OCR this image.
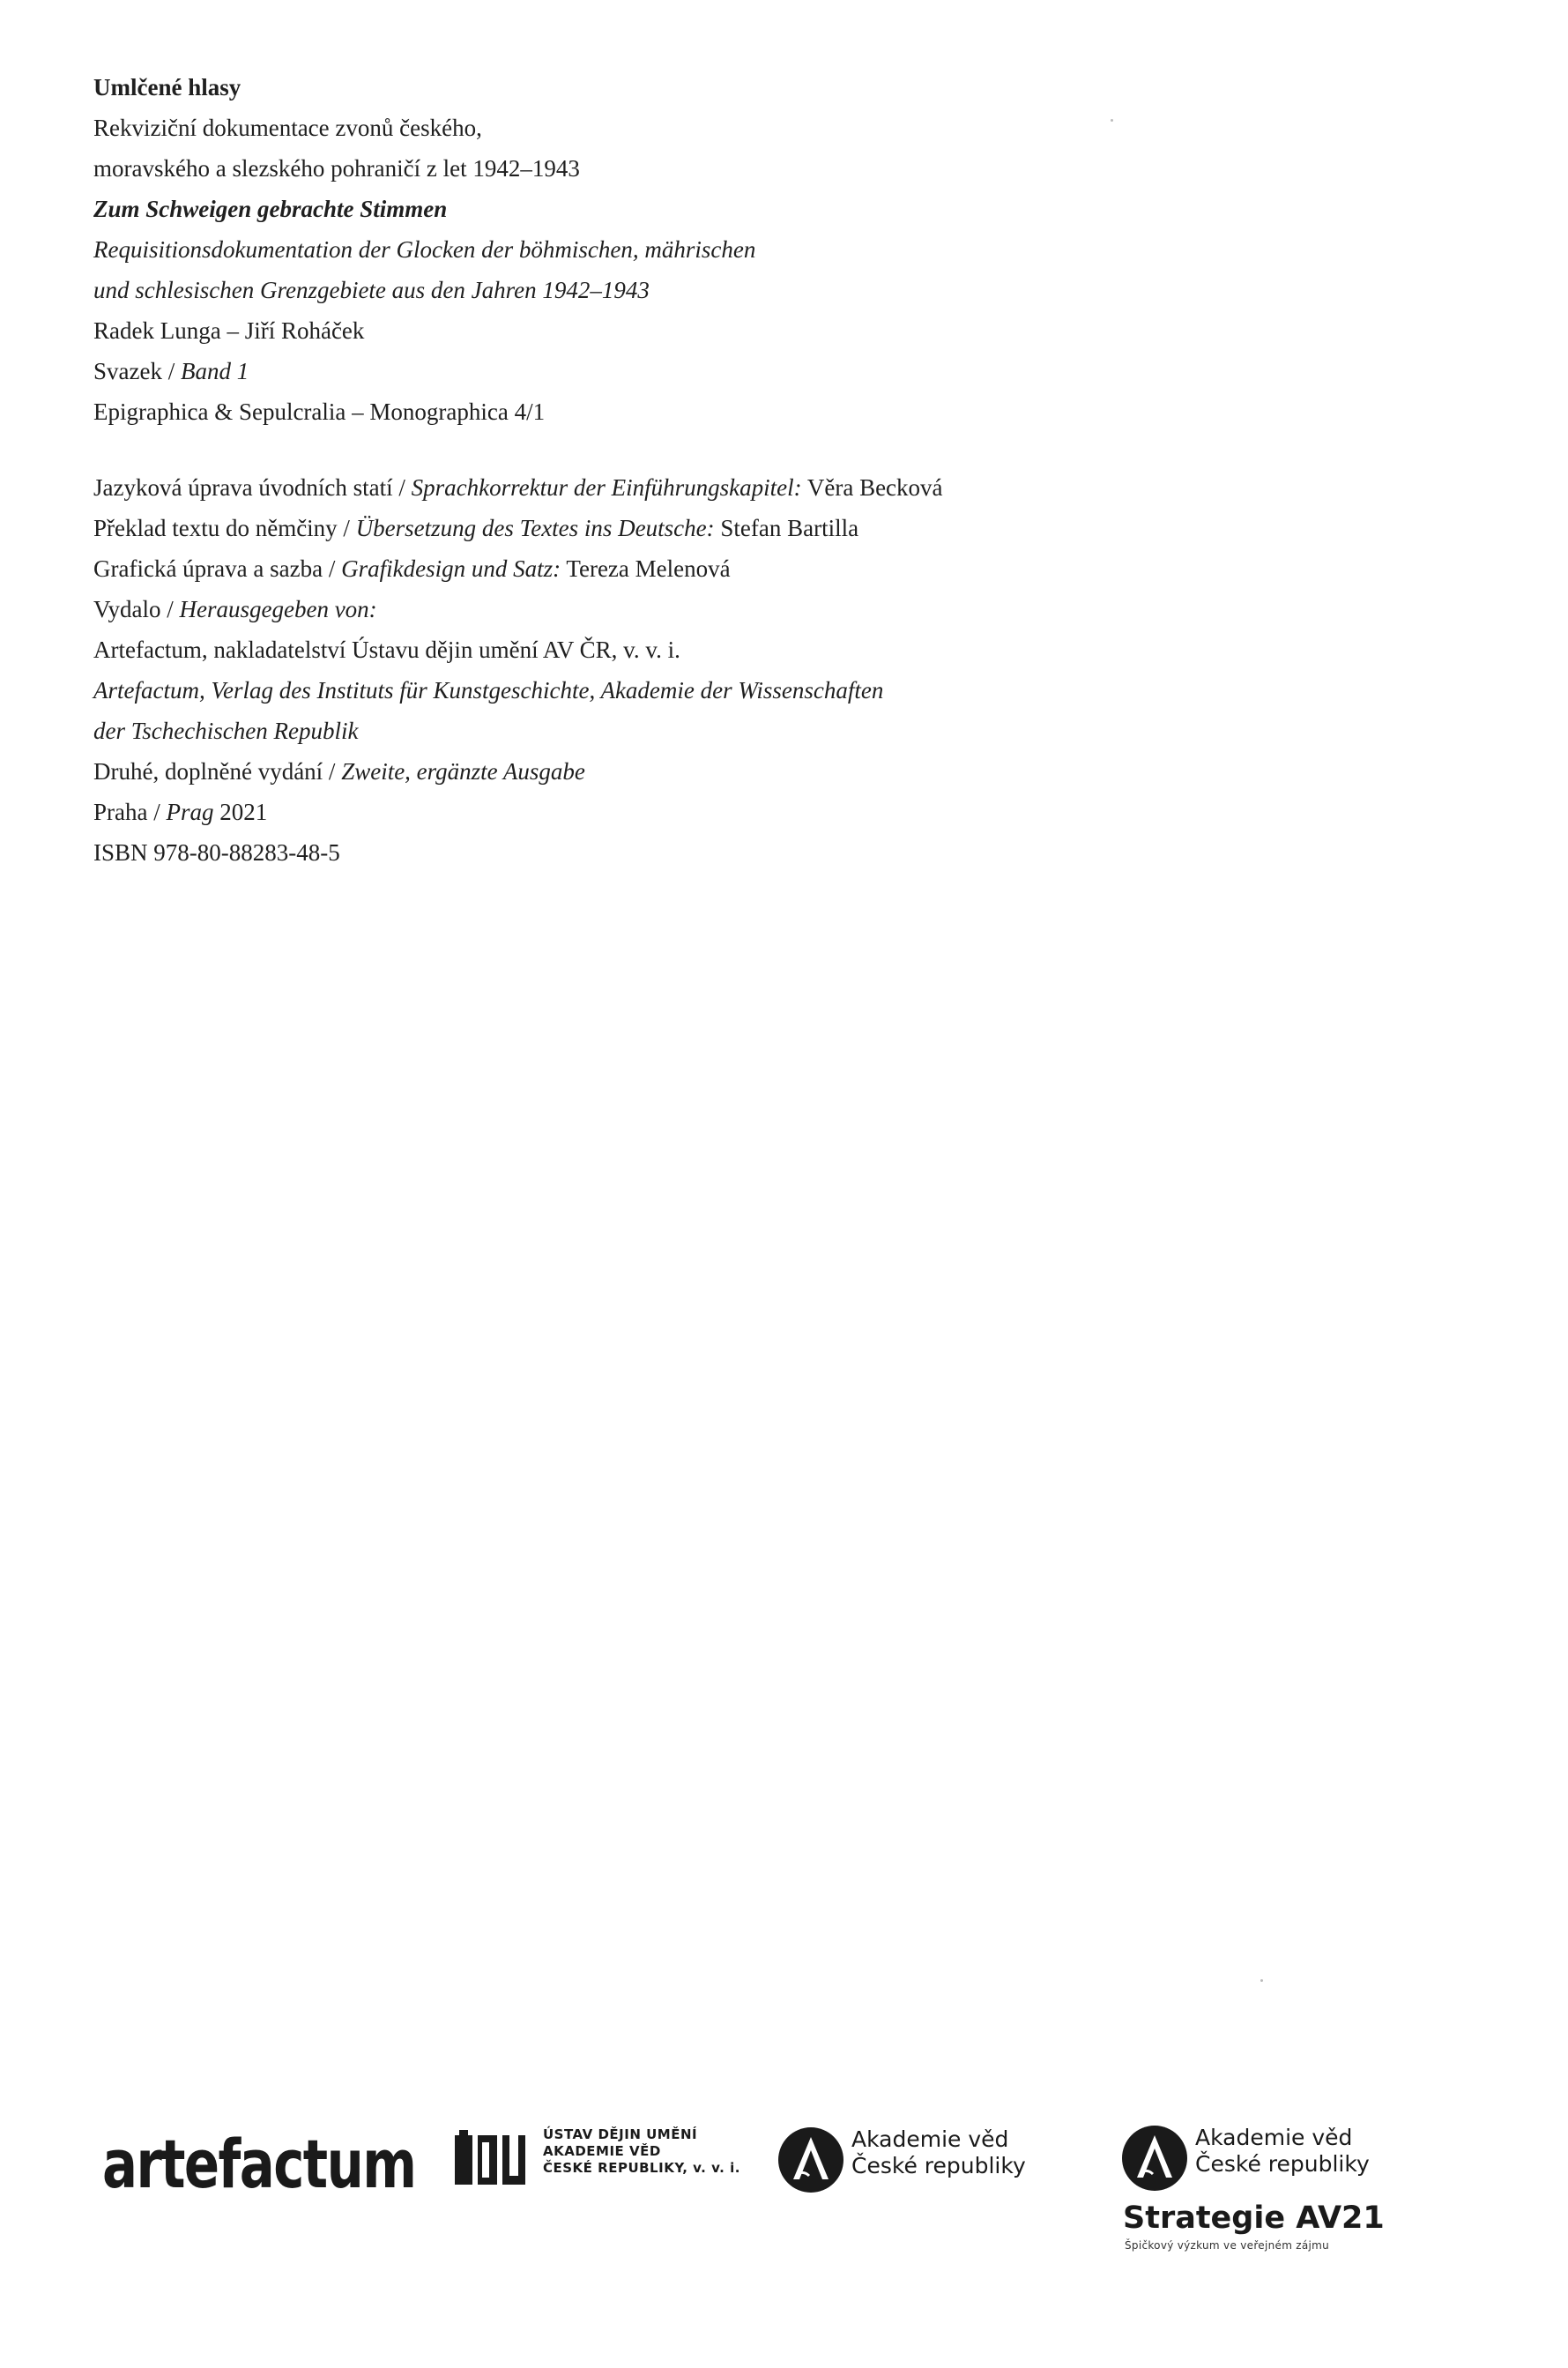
Umlčené hlasy
Rekviziční dokumentace zvonů českého,
moravského a slezského pohraničí z let 1942–1943
Zum Schweigen gebrachte Stimmen
Requisitionsdokumentation der Glocken der böhmischen, mährischen
und schlesischen Grenzgebiete aus den Jahren 1942–1943
Radek Lunga – Jiří Roháček
Svazek / Band 1
Epigraphica & Sepulcralia – Monographica 4/1
Jazyková úprava úvodních statí / Sprachkorrektur der Einführungskapitel: Věra Becková
Překlad textu do němčiny / Übersetzung des Textes ins Deutsche: Stefan Bartilla
Grafická úprava a sazba / Grafikdesign und Satz: Tereza Melenová
Vydalo / Herausgegeben von:
Artefactum, nakladatelství Ústavu dějin umění AV ČR, v. v. i.
Artefactum, Verlag des Instituts für Kunstgeschichte, Akademie der Wissenschaften
der Tschechischen Republik
Druhé, doplněné vydání / Zweite, ergänzte Ausgabe
Praha / Prag 2021
ISBN 978-80-88283-48-5
artefactum	ÚSTAV DĚJIN UMĚNÍ
AKADEMIE VĚD
ČESKÉ REPUBLIKY, v. v. i.
Akademie věd
České republiky
Akademie věd
České republiky
Strategie AV21
Špičkový výzkum ve veřejném zájmu
